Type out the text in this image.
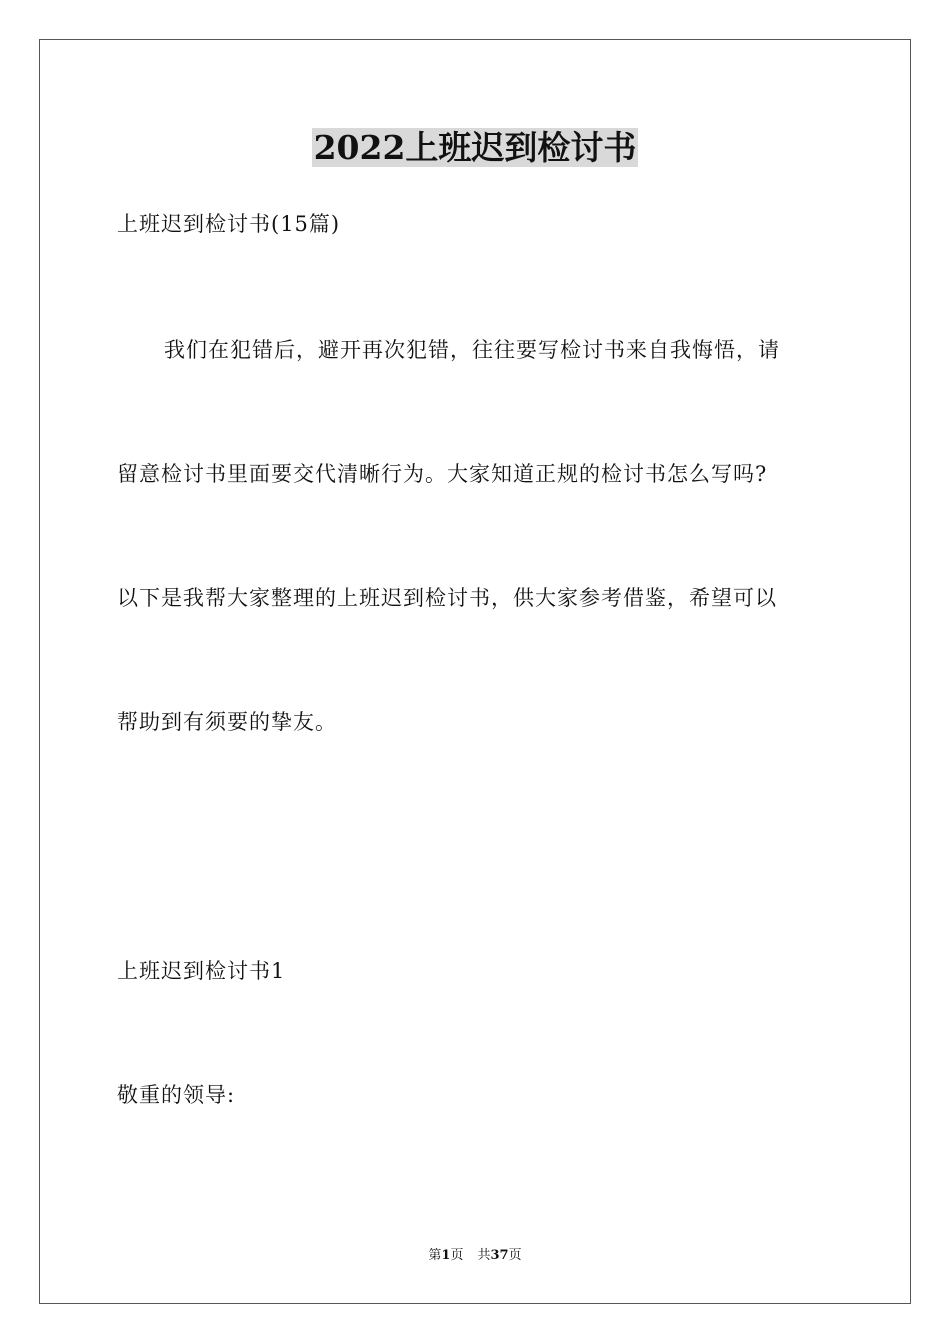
2022上班迟到检讨书
上班迟到检讨书(15篇)
我们在犯错后，避开再次犯错，往往要写检讨书来自我悔悟，请
留意检讨书里面要交代清晰行为。大家知道正规的检讨书怎么写吗?
以下是我帮大家整理的上班迟到检讨书，供大家参考借鉴，希望可以
帮助到有须要的挚友。
上班迟到检讨书1
敬重的领导:
第1页 共37页
